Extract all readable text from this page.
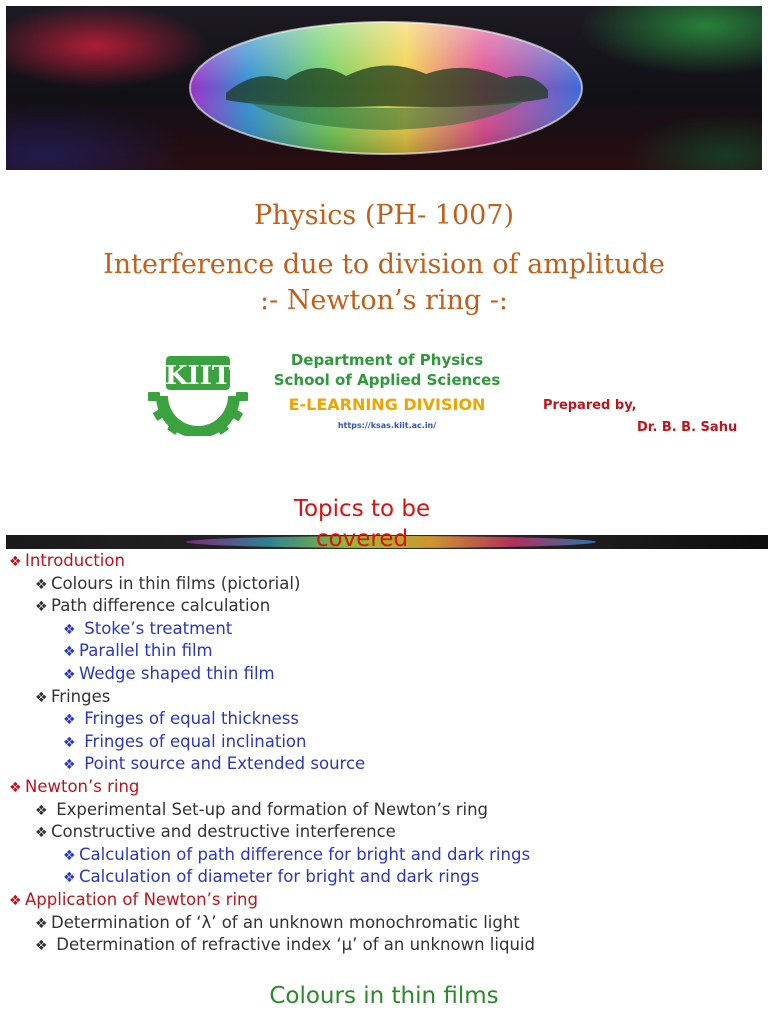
Physics (PH- 1007)
Interference due to division of amplitude
:- Newton’s ring -:
KIIT
Department of Physics
School of Applied Sciences
E-LEARNING DIVISION
https://ksas.kiit.ac.in/
Prepared by,
Dr. B. B. Sahu
Topics to be covered
❖ Introduction
❖ Colours in thin films (pictorial)
❖ Path difference calculation
❖ Stoke’s treatment
❖ Parallel thin film
❖ Wedge shaped thin film
❖ Fringes
❖ Fringes of equal thickness
❖ Fringes of equal inclination
❖ Point source and Extended source
❖ Newton’s ring
❖ Experimental Set-up and formation of Newton’s ring
❖ Constructive and destructive interference
❖ Calculation of path difference for bright and dark rings
❖ Calculation of diameter for bright and dark rings
❖ Application of Newton’s ring
❖ Determination of ‘λ’ of an unknown monochromatic light
❖ Determination of refractive index ‘μ’ of an unknown liquid
Colours in thin films
